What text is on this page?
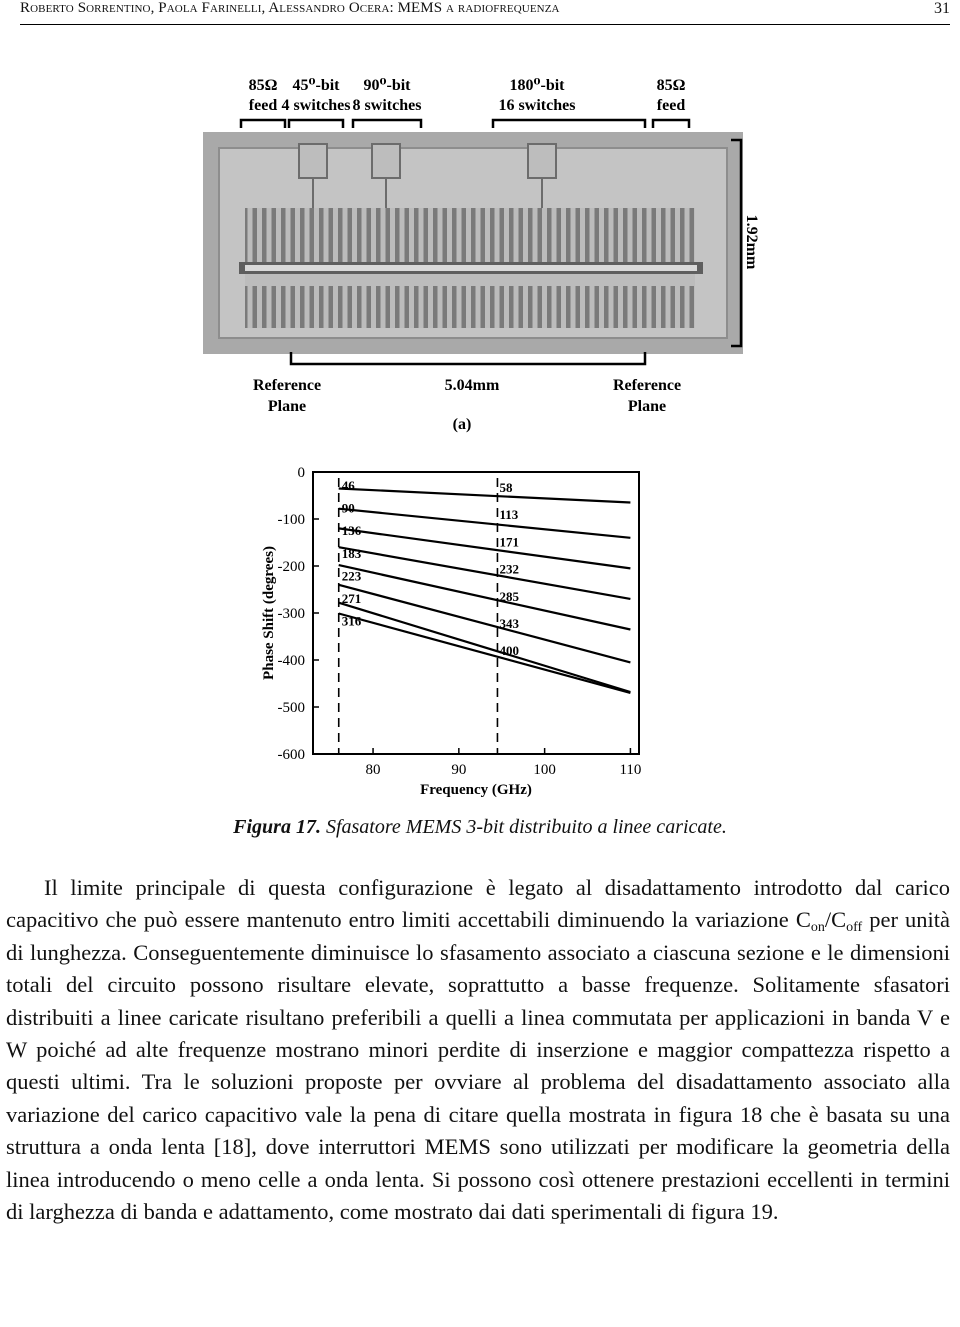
Roberto Sorrentino, Paola Farinelli, Alessandro Ocera: MEMS a radiofrequenza	31
85Ω
feed
45⁰-bit
4 switches
90⁰-bit
8 switches
180⁰-bit
16 switches
85Ω
feed
1.92mm
Reference
Plane
5.04mm	Reference
Plane
(a)
0
-100
-200
-300
-400
-500
-600
80	90	100	110
46
90
136
183
223
271
316
58
113
171
232
285
343
400
Frequency (GHz)
Phase Shift (degrees)
Figura 17. Sfasatore MEMS 3-bit distribuito a linee caricate.

Il limite principale di questa configurazione è legato al disadattamento introdotto dal carico capacitivo che può essere mantenuto entro limiti accettabili diminuendo la variazione $C_{on}/C_{off}$ per unità di lunghezza. Conseguentemente diminuisce lo sfasamento associato a ciascuna sezione e le dimensioni totali del circuito possono risultare elevate, soprattutto a basse frequenze. Solitamente sfasatori distribuiti a linee caricate risultano preferibili a quelli a linea commutata per applicazioni in banda V e W poiché ad alte frequenze mostrano minori perdite di inserzione e maggior compattezza rispetto a questi ultimi. Tra le soluzioni proposte per ovviare al problema del disadattamento associato alla variazione del carico capacitivo vale la pena di citare quella mostrata in figura 18 che è basata su una struttura a onda lenta [18], dove interruttori MEMS sono utilizzati per modificare la geometria della linea introducendo o meno celle a onda lenta. Si possono così ottenere prestazioni eccellenti in termini di larghezza di banda e adattamento, come mostrato dai dati sperimentali di figura 19.
